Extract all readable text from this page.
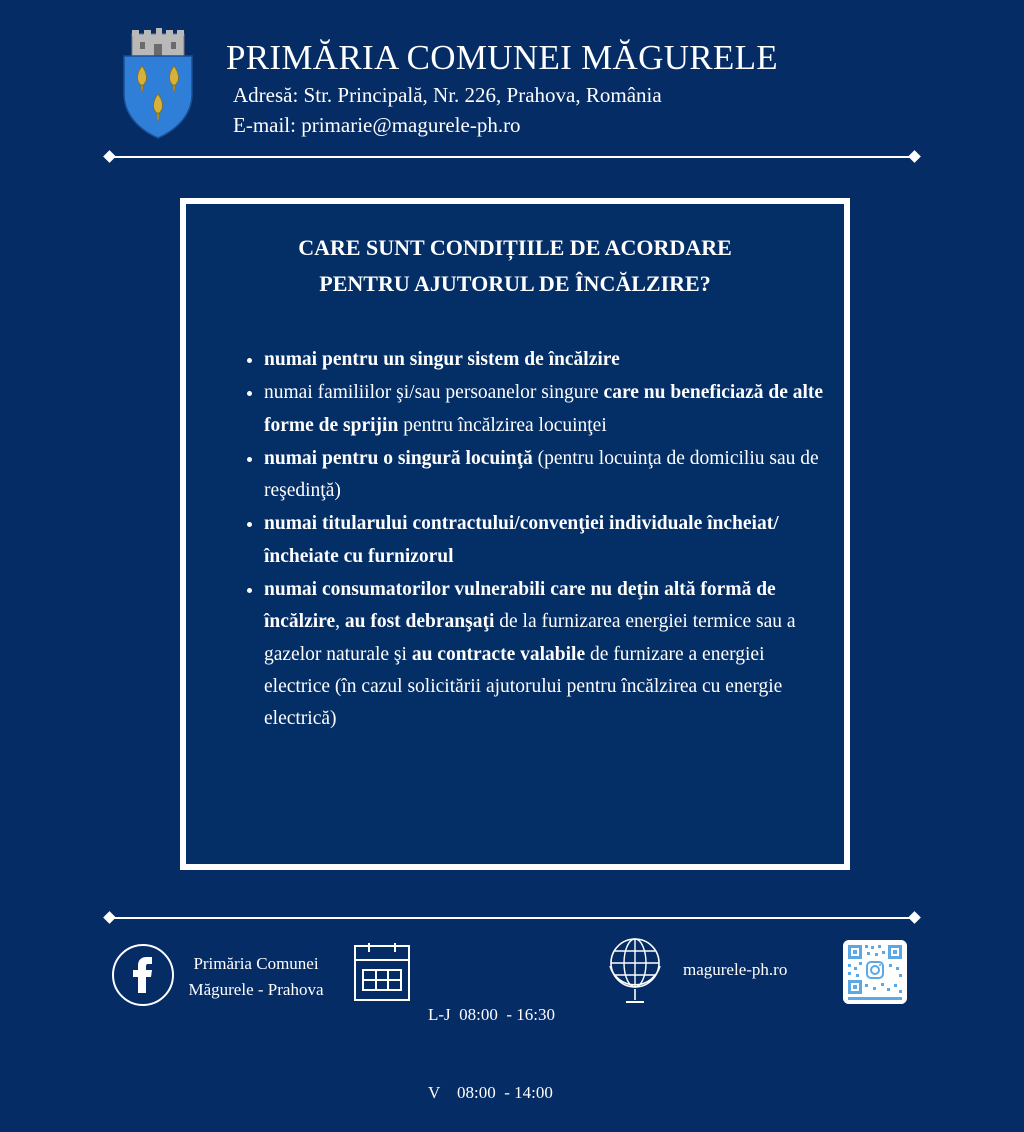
PRIMĂRIA COMUNEI MĂGURELE
Adresă: Str. Principală, Nr. 226, Prahova, România
E-mail: primarie@magurele-ph.ro
CARE SUNT CONDIȚIILE DE ACORDARE
PENTRU AJUTORUL DE ÎNCĂLZIRE?
• numai pentru un singur sistem de încălzire
• numai familiilor şi/sau persoanelor singure care nu beneficiază de alte forme de sprijin pentru încălzirea locuinţei
• numai pentru o singură locuinţă (pentru locuinţa de domiciliu sau de reşedinţă)
• numai titularului contractului/convenţiei individuale încheiat/încheiate cu furnizorul
• numai consumatorilor vulnerabili care nu deţin altă formă de încălzire, au fost debranşaţi de la furnizarea energiei termice sau a gazelor naturale şi au contracte valabile de furnizare a energiei electrice (în cazul solicitării ajutorului pentru încălzirea cu energie electrică)
Primăria Comunei
Măgurele - Prahova

L-J  08:00  - 16:30

V    08:00  - 14:00

magurele-ph.ro
